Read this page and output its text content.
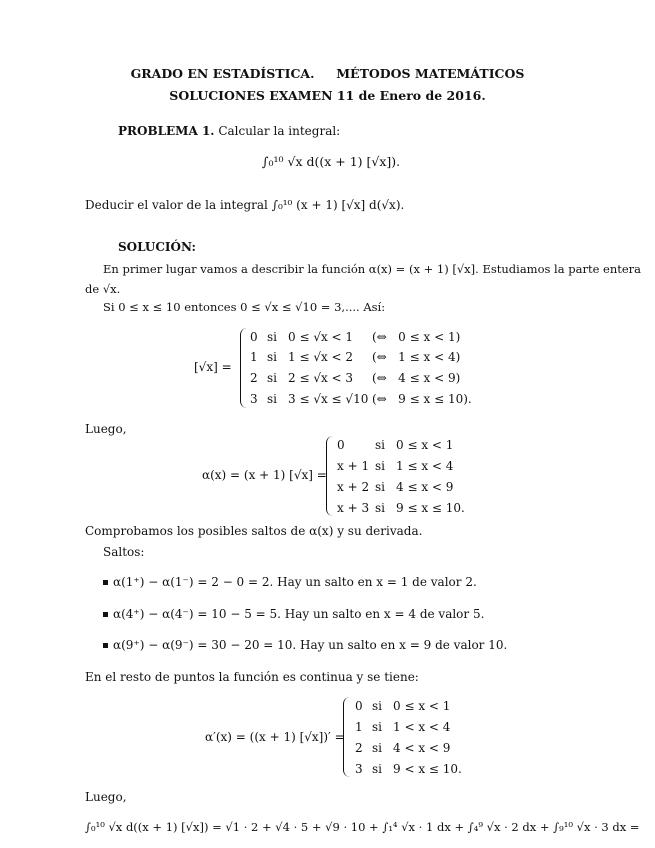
GRADO EN ESTADÍSTICA.     MÉTODOS MATEMÁTICOS
SOLUCIONES EXAMEN 11 de Enero de 2016.
PROBLEMA 1. Calcular la integral:
∫₀¹⁰ √x d((x + 1) [√x]).
Deducir el valor de la integral ∫₀¹⁰ (x + 1) [√x] d(√x).
SOLUCIÓN:
En primer lugar vamos a describir la función α(x) = (x + 1) [√x]. Estudiamos la parte entera
de √x.
Si 0 ≤ x ≤ 10 entonces 0 ≤ √x ≤ √10 = 3,.... Así:
[√x] =
0 si 0 ≤ √x < 1 (⇔   0 ≤ x < 1)
1 si 1 ≤ √x < 2 (⇔   1 ≤ x < 4)
2 si 2 ≤ √x < 3 (⇔   4 ≤ x < 9)
3 si 3 ≤ √x ≤ √10 (⇔   9 ≤ x ≤ 10).
Luego,
α(x) = (x + 1) [√x] =
0	si 0 ≤ x < 1
x + 1 si 1 ≤ x < 4
x + 2 si 4 ≤ x < 9
x + 3 si 9 ≤ x ≤ 10.
Comprobamos los posibles saltos de α(x) y su derivada.
Saltos:
α(1⁺) − α(1⁻) = 2 − 0 = 2. Hay un salto en x = 1 de valor 2.
α(4⁺) − α(4⁻) = 10 − 5 = 5. Hay un salto en x = 4 de valor 5.
α(9⁺) − α(9⁻) = 30 − 20 = 10. Hay un salto en x = 9 de valor 10.
En el resto de puntos la función es continua y se tiene:
α′(x) = ((x + 1) [√x])′ =
0 si 0 ≤ x < 1
1 si 1 < x < 4
2 si 4 < x < 9
3 si 9 < x ≤ 10.
Luego,
∫₀¹⁰ √x d((x + 1) [√x]) = √1 · 2 + √4 · 5 + √9 · 10 + ∫₁⁴ √x · 1 dx + ∫₄⁹ √x · 2 dx + ∫₉¹⁰ √x · 3 dx =
